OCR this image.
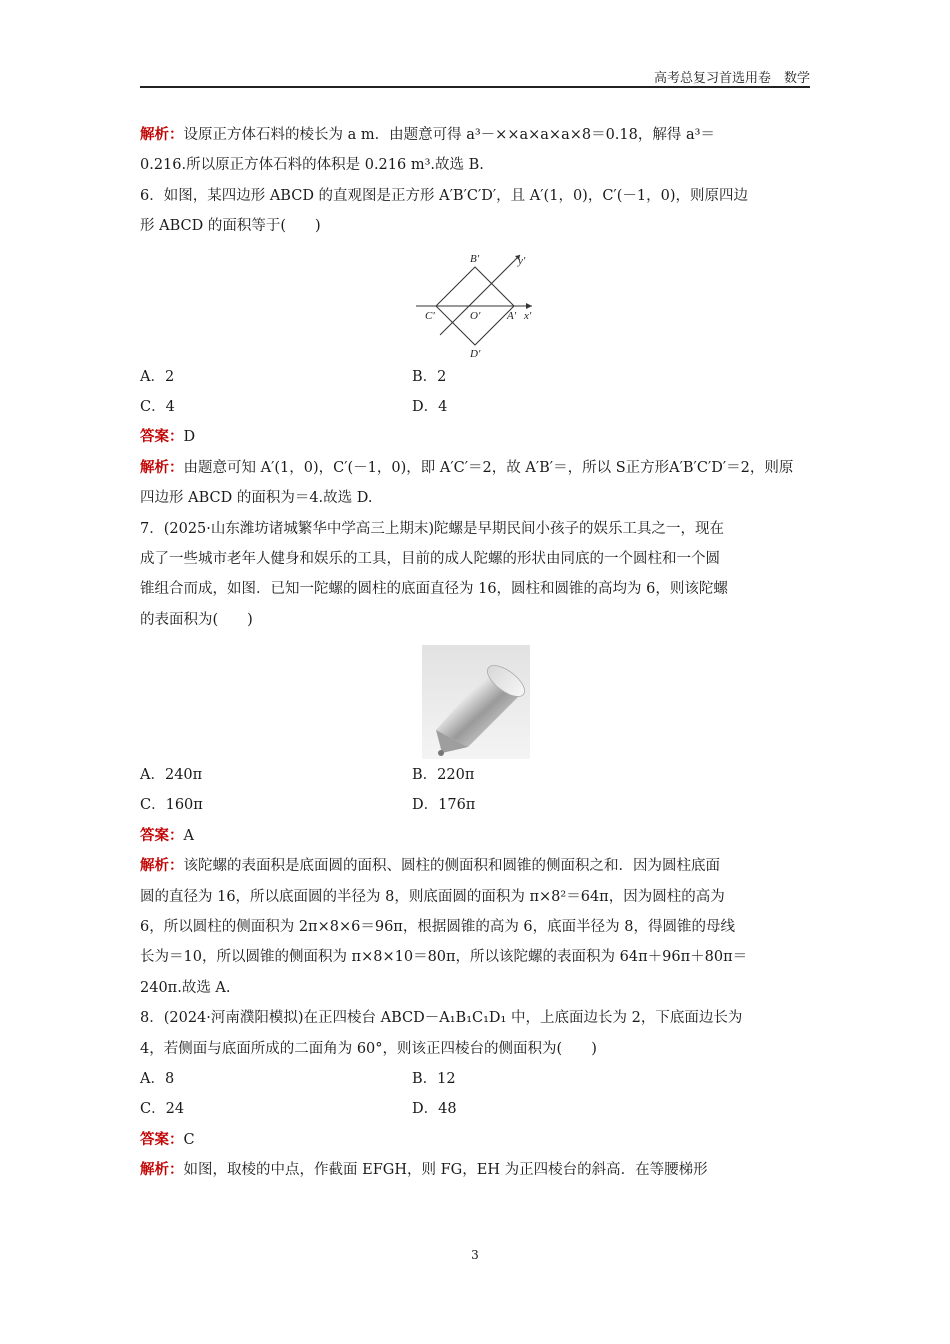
高考总复习首选用卷　数学
解析：设原正方体石料的棱长为 a m．由题意可得 a³－××a×a×a×8＝0.18，解得 a³＝
0.216.所以原正方体石料的体积是 0.216 m³.故选 B.
6．如图，某四边形 ABCD 的直观图是正方形 A′B′C′D′，且 A′(1，0)，C′(－1，0)，则原四边
形 ABCD 的面积等于(　　)
B′	y′
C′	O′ A′ x′
D′
A．2	B．2
C．4	D．4
答案：D
解析：由题意可知 A′(1，0)，C′(－1，0)，即 A′C′＝2，故 A′B′＝，所以 S正方形A′B′C′D′＝2，则原
四边形 ABCD 的面积为＝4.故选 D.
7．(2025·山东潍坊诸城繁华中学高三上期末)陀螺是早期民间小孩子的娱乐工具之一，现在
成了一些城市老年人健身和娱乐的工具，目前的成人陀螺的形状由同底的一个圆柱和一个圆
锥组合而成，如图．已知一陀螺的圆柱的底面直径为 16，圆柱和圆锥的高均为 6，则该陀螺
的表面积为(　　)
A．240π	B．220π
C．160π	D．176π
答案：A
解析：该陀螺的表面积是底面圆的面积、圆柱的侧面积和圆锥的侧面积之和．因为圆柱底面
圆的直径为 16，所以底面圆的半径为 8，则底面圆的面积为 π×8²＝64π，因为圆柱的高为
6，所以圆柱的侧面积为 2π×8×6＝96π，根据圆锥的高为 6，底面半径为 8，得圆锥的母线
长为＝10，所以圆锥的侧面积为 π×8×10＝80π，所以该陀螺的表面积为 64π＋96π＋80π＝
240π.故选 A.
8．(2024·河南濮阳模拟)在正四棱台 ABCD－A₁B₁C₁D₁ 中，上底面边长为 2，下底面边长为
4，若侧面与底面所成的二面角为 60°，则该正四棱台的侧面积为(　　)
A．8	B．12
C．24	D．48
答案：C
解析：如图，取棱的中点，作截面 EFGH，则 FG，EH 为正四棱台的斜高．在等腰梯形
3
